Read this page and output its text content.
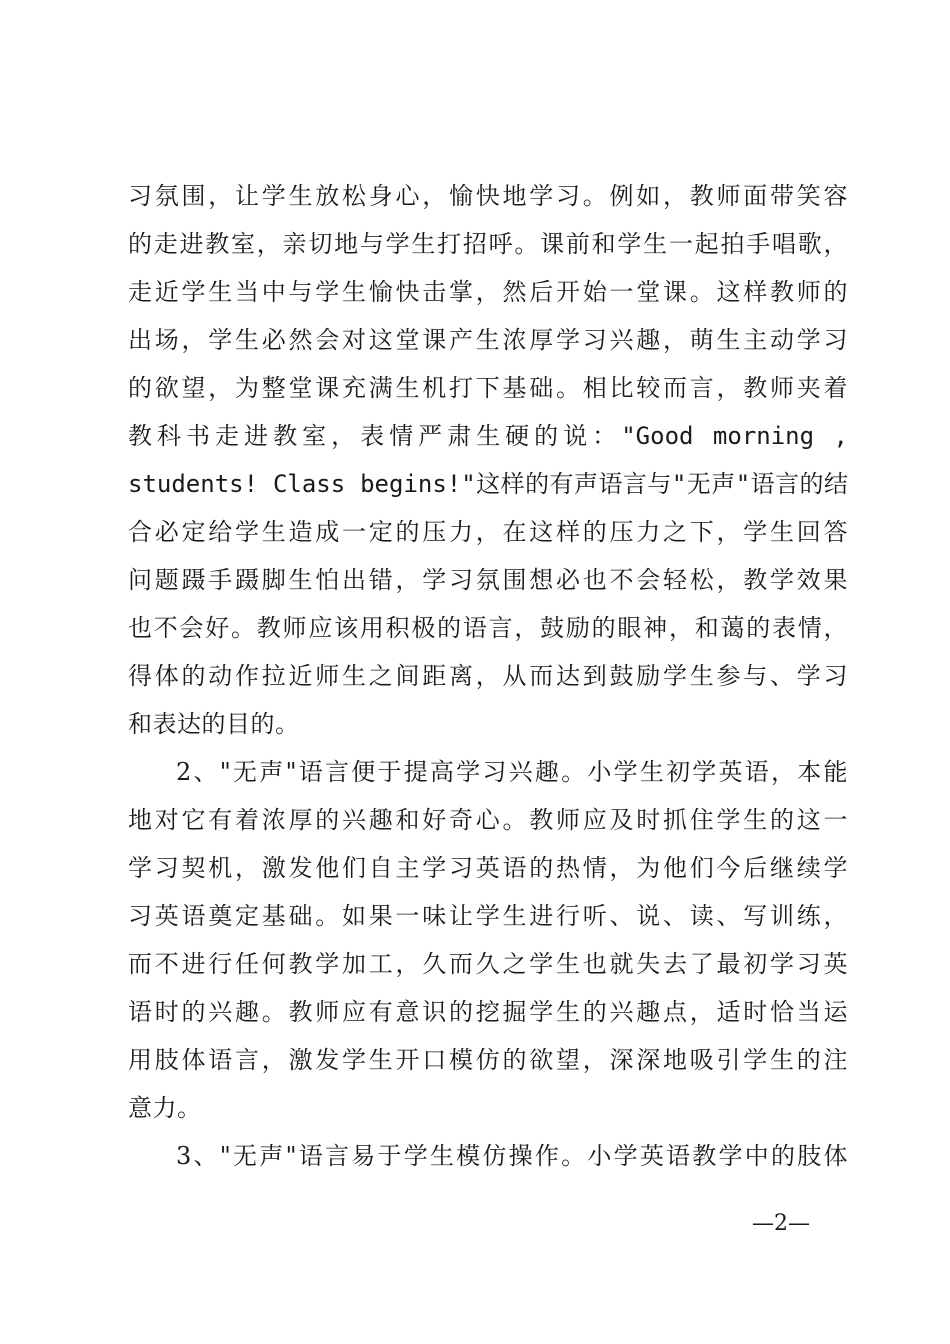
习氛围，让学生放松身心，愉快地学习。例如，教师面带笑容
的走进教室，亲切地与学生打招呼。课前和学生一起拍手唱歌，
走近学生当中与学生愉快击掌，然后开始一堂课。这样教师的
出场，学生必然会对这堂课产生浓厚学习兴趣，萌生主动学习
的欲望，为整堂课充满生机打下基础。相比较而言，教师夹着
教科书走进教室，表情严肃生硬的说："Good morning ,
students! Class begins!"这样的有声语言与"无声"语言的结
合必定给学生造成一定的压力，在这样的压力之下，学生回答
问题蹑手蹑脚生怕出错，学习氛围想必也不会轻松，教学效果
也不会好。教师应该用积极的语言，鼓励的眼神，和蔼的表情，
得体的动作拉近师生之间距离，从而达到鼓励学生参与、学习
和表达的目的。
2、"无声"语言便于提高学习兴趣。小学生初学英语，本能
地对它有着浓厚的兴趣和好奇心。教师应及时抓住学生的这一
学习契机，激发他们自主学习英语的热情，为他们今后继续学
习英语奠定基础。如果一味让学生进行听、说、读、写训练，
而不进行任何教学加工，久而久之学生也就失去了最初学习英
语时的兴趣。教师应有意识的挖掘学生的兴趣点，适时恰当运
用肢体语言，激发学生开口模仿的欲望，深深地吸引学生的注
意力。
3、"无声"语言易于学生模仿操作。小学英语教学中的肢体
—2—
